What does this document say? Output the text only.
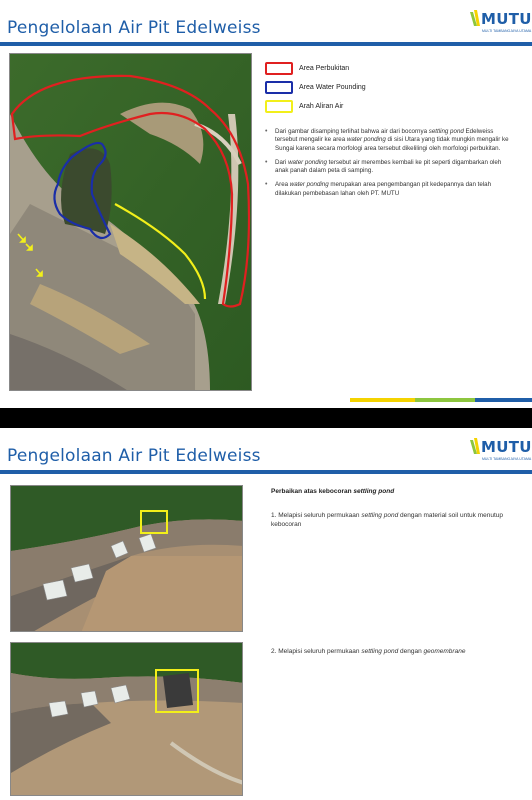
Pengelolaan Air Pit Edelweiss	MUTU
MULTI TAMBANGJAYA UTAMA
Area Perbukitan
Area Water Pounding
Arah Aliran Air
• Dari gambar disamping terlihat bahwa air dari bocornya settling pond Edelweiss tersebut mengalir ke area water ponding di sisi Utara yang tidak mungkin mengalir ke Sungai karena secara morfologi area tersebut dikelilingi oleh morfologi perbukitan.
• Dari water ponding tersebut air merembes kembali ke pit seperti digambarkan oleh anak panah dalam peta di samping.
• Area water ponding merupakan area pengembangan pit kedepannya dan telah dilakukan pembebasan lahan oleh PT. MUTU
Pengelolaan Air Pit Edelweiss	MUTU
MULTI TAMBANGJAYA UTAMA
Perbaikan atas kebocoran settling pond
1. Melapisi seluruh permukaan settling pond dengan material soil untuk menutup kebocoran
2. Melapisi seluruh permukaan settling pond dengan geomembrane
